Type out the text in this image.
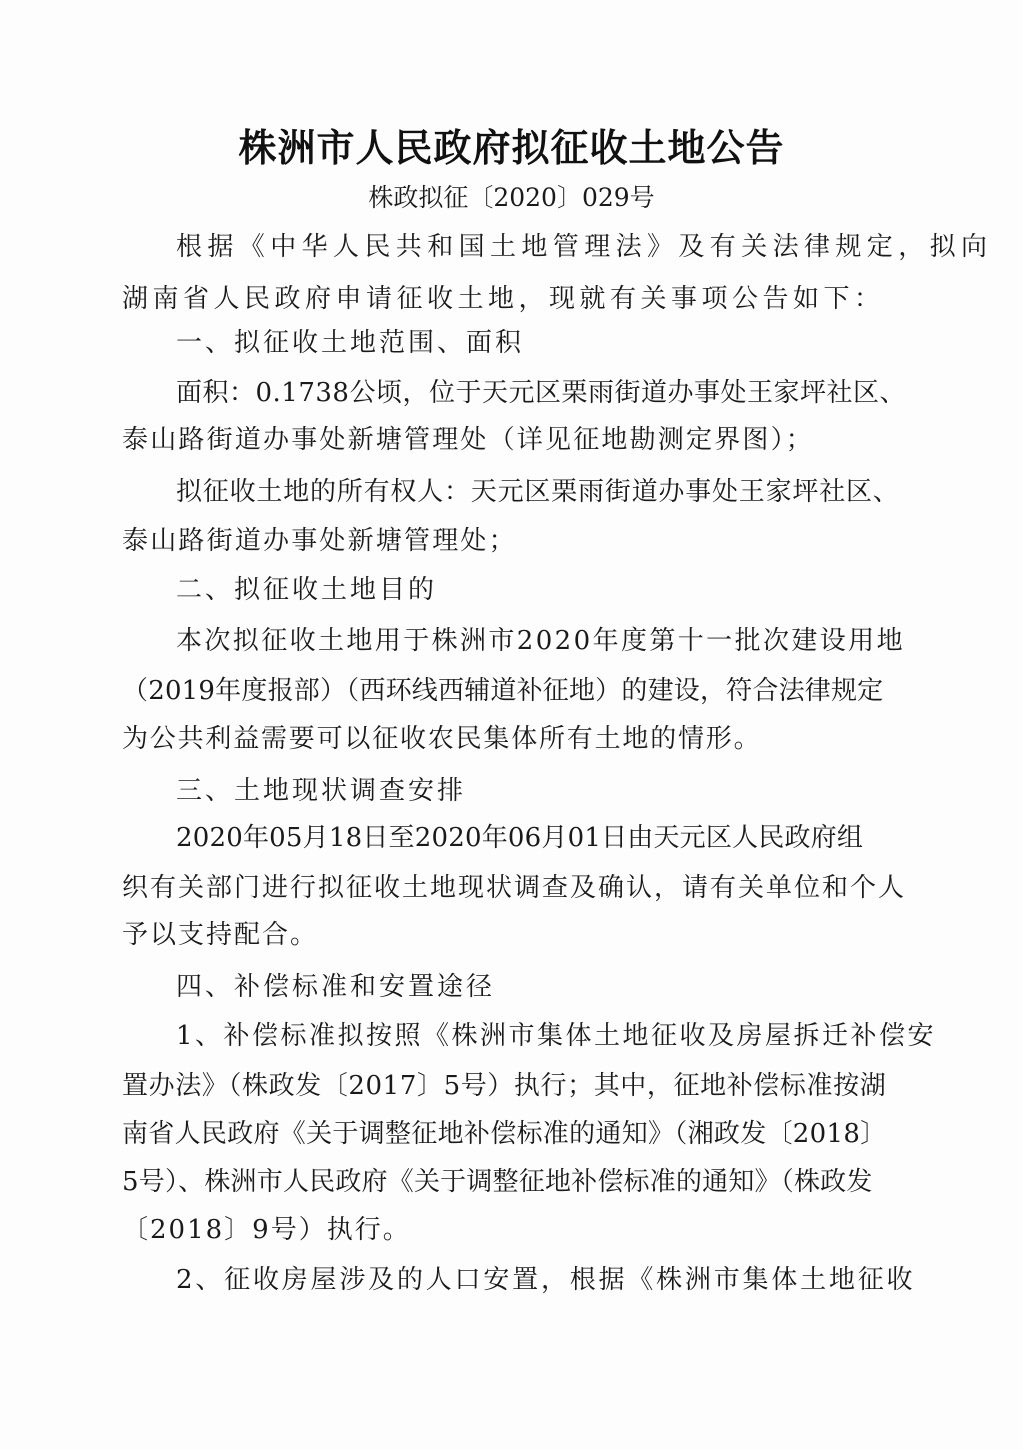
株洲市人民政府拟征收土地公告
株政拟征〔2020〕029号
根据《中华人民共和国土地管理法》及有关法律规定，拟向
湖南省人民政府申请征收土地，现就有关事项公告如下：
一、拟征收土地范围、面积
面积：0.1738公顷，位于天元区栗雨街道办事处王家坪社区、
泰山路街道办事处新塘管理处（详见征地勘测定界图）；
拟征收土地的所有权人：天元区栗雨街道办事处王家坪社区、
泰山路街道办事处新塘管理处；
二、拟征收土地目的
本次拟征收土地用于株洲市2020年度第十一批次建设用地
（2019年度报部）（西环线西辅道补征地）的建设，符合法律规定
为公共利益需要可以征收农民集体所有土地的情形。
三、土地现状调查安排
2020年05月18日至2020年06月01日由天元区人民政府组
织有关部门进行拟征收土地现状调查及确认，请有关单位和个人
予以支持配合。
四、补偿标准和安置途径
1、补偿标准拟按照《株洲市集体土地征收及房屋拆迁补偿安
置办法》（株政发〔2017〕5号）执行；其中，征地补偿标准按湖
南省人民政府《关于调整征地补偿标准的通知》（湘政发〔2018〕
5号）、株洲市人民政府《关于调整征地补偿标准的通知》（株政发
〔2018〕9号）执行。
2、征收房屋涉及的人口安置，根据《株洲市集体土地征收
